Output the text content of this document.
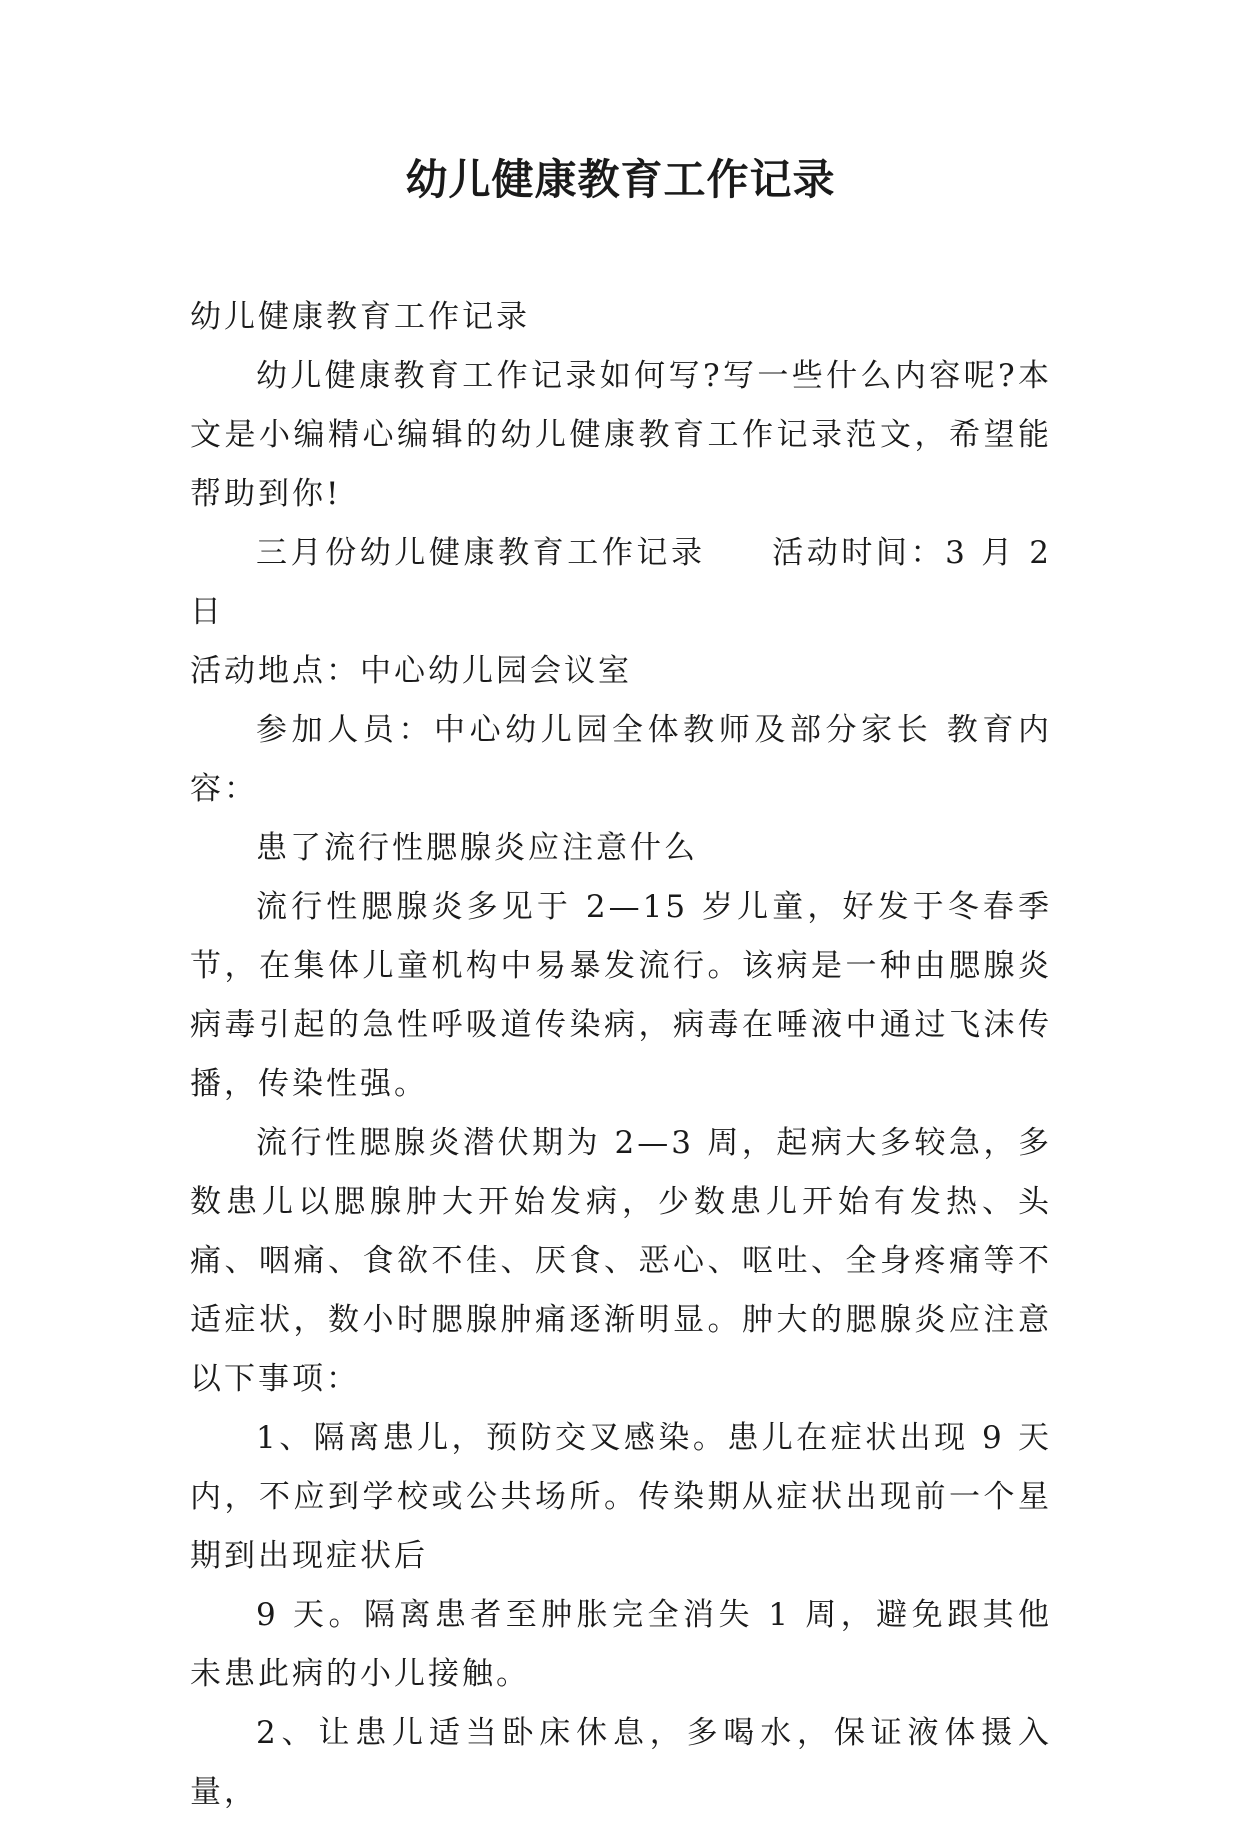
幼儿健康教育工作记录

幼儿健康教育工作记录

幼儿健康教育工作记录如何写?写一些什么内容呢?本文是小编精心编辑的幼儿健康教育工作记录范文，希望能帮助到你!

三月份幼儿健康教育工作记录 活动时间：3 月 2 日

活动地点：中心幼儿园会议室

参加人员：中心幼儿园全体教师及部分家长 教育内容：

患了流行性腮腺炎应注意什么

流行性腮腺炎多见于 2—15 岁儿童，好发于冬春季节，在集体儿童机构中易暴发流行。该病是一种由腮腺炎病毒引起的急性呼吸道传染病，病毒在唾液中通过飞沫传播，传染性强。

流行性腮腺炎潜伏期为 2—3 周，起病大多较急，多数患儿以腮腺肿大开始发病，少数患儿开始有发热、头痛、咽痛、食欲不佳、厌食、恶心、呕吐、全身疼痛等不适症状，数小时腮腺肿痛逐渐明显。肿大的腮腺炎应注意以下事项：

1、隔离患儿，预防交叉感染。患儿在症状出现 9 天内，不应到学校或公共场所。传染期从症状出现前一个星期到出现症状后

9 天。隔离患者至肿胀完全消失 1 周，避免跟其他未患此病的小儿接触。

2、让患儿适当卧床休息，多喝水，保证液体摄入量，
